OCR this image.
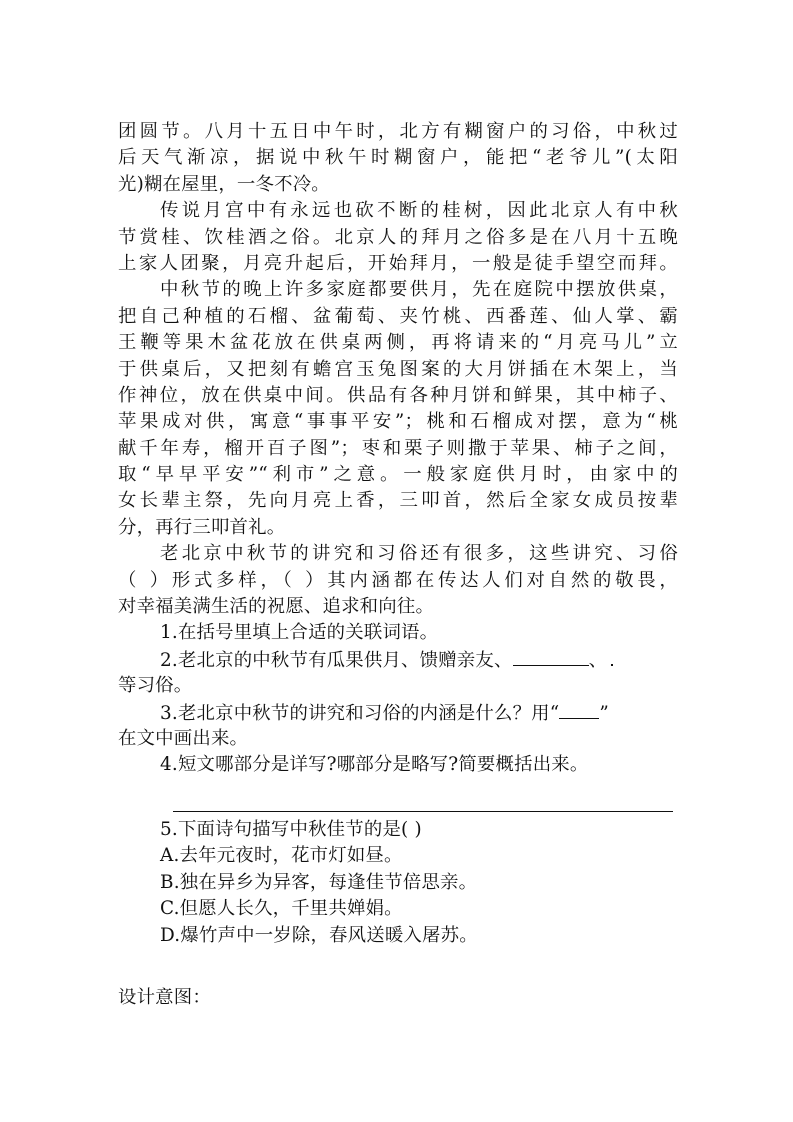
团圆节。八月十五日中午时，北方有糊窗户的习俗，中秋过
后天气渐凉，据说中秋午时糊窗户，能把“老爷儿”(太阳
光)糊在屋里，一冬不冷。
传说月宫中有永远也砍不断的桂树，因此北京人有中秋
节赏桂、饮桂酒之俗。北京人的拜月之俗多是在八月十五晚
上家人团聚，月亮升起后，开始拜月，一般是徒手望空而拜。
中秋节的晚上许多家庭都要供月，先在庭院中摆放供桌，
把自己种植的石榴、盆葡萄、夹竹桃、西番莲、仙人掌、霸
王鞭等果木盆花放在供桌两侧，再将请来的“月亮马儿”立
于供桌后，又把刻有蟾宫玉兔图案的大月饼插在木架上，当
作神位，放在供桌中间。供品有各种月饼和鲜果，其中柿子、
苹果成对供，寓意“事事平安”；桃和石榴成对摆，意为“桃
献千年寿，榴开百子图”；枣和栗子则撒于苹果、柿子之间，
取“早早平安”“利市”之意。一般家庭供月时，由家中的
女长辈主祭，先向月亮上香，三叩首，然后全家女成员按辈
分，再行三叩首礼。
老北京中秋节的讲究和习俗还有很多，这些讲究、习俗
（ ）形式多样，（ ）其内涵都在传达人们对自然的敬畏，
对幸福美满生活的祝愿、追求和向往。
1.在括号里填上合适的关联词语。
2.老北京的中秋节有瓜果供月、馈赠亲友、	、
等习俗。
3.老北京中秋节的讲究和习俗的内涵是什么？用“ ”
在文中画出来。
4.短文哪部分是详写?哪部分是略写?简要概括出来。
5.下面诗句描写中秋佳节的是( )
A.去年元夜时，花市灯如昼。
B.独在异乡为异客，每逢佳节倍思亲。
C.但愿人长久，千里共婵娟。
D.爆竹声中一岁除，春风送暖入屠苏。
设计意图：
